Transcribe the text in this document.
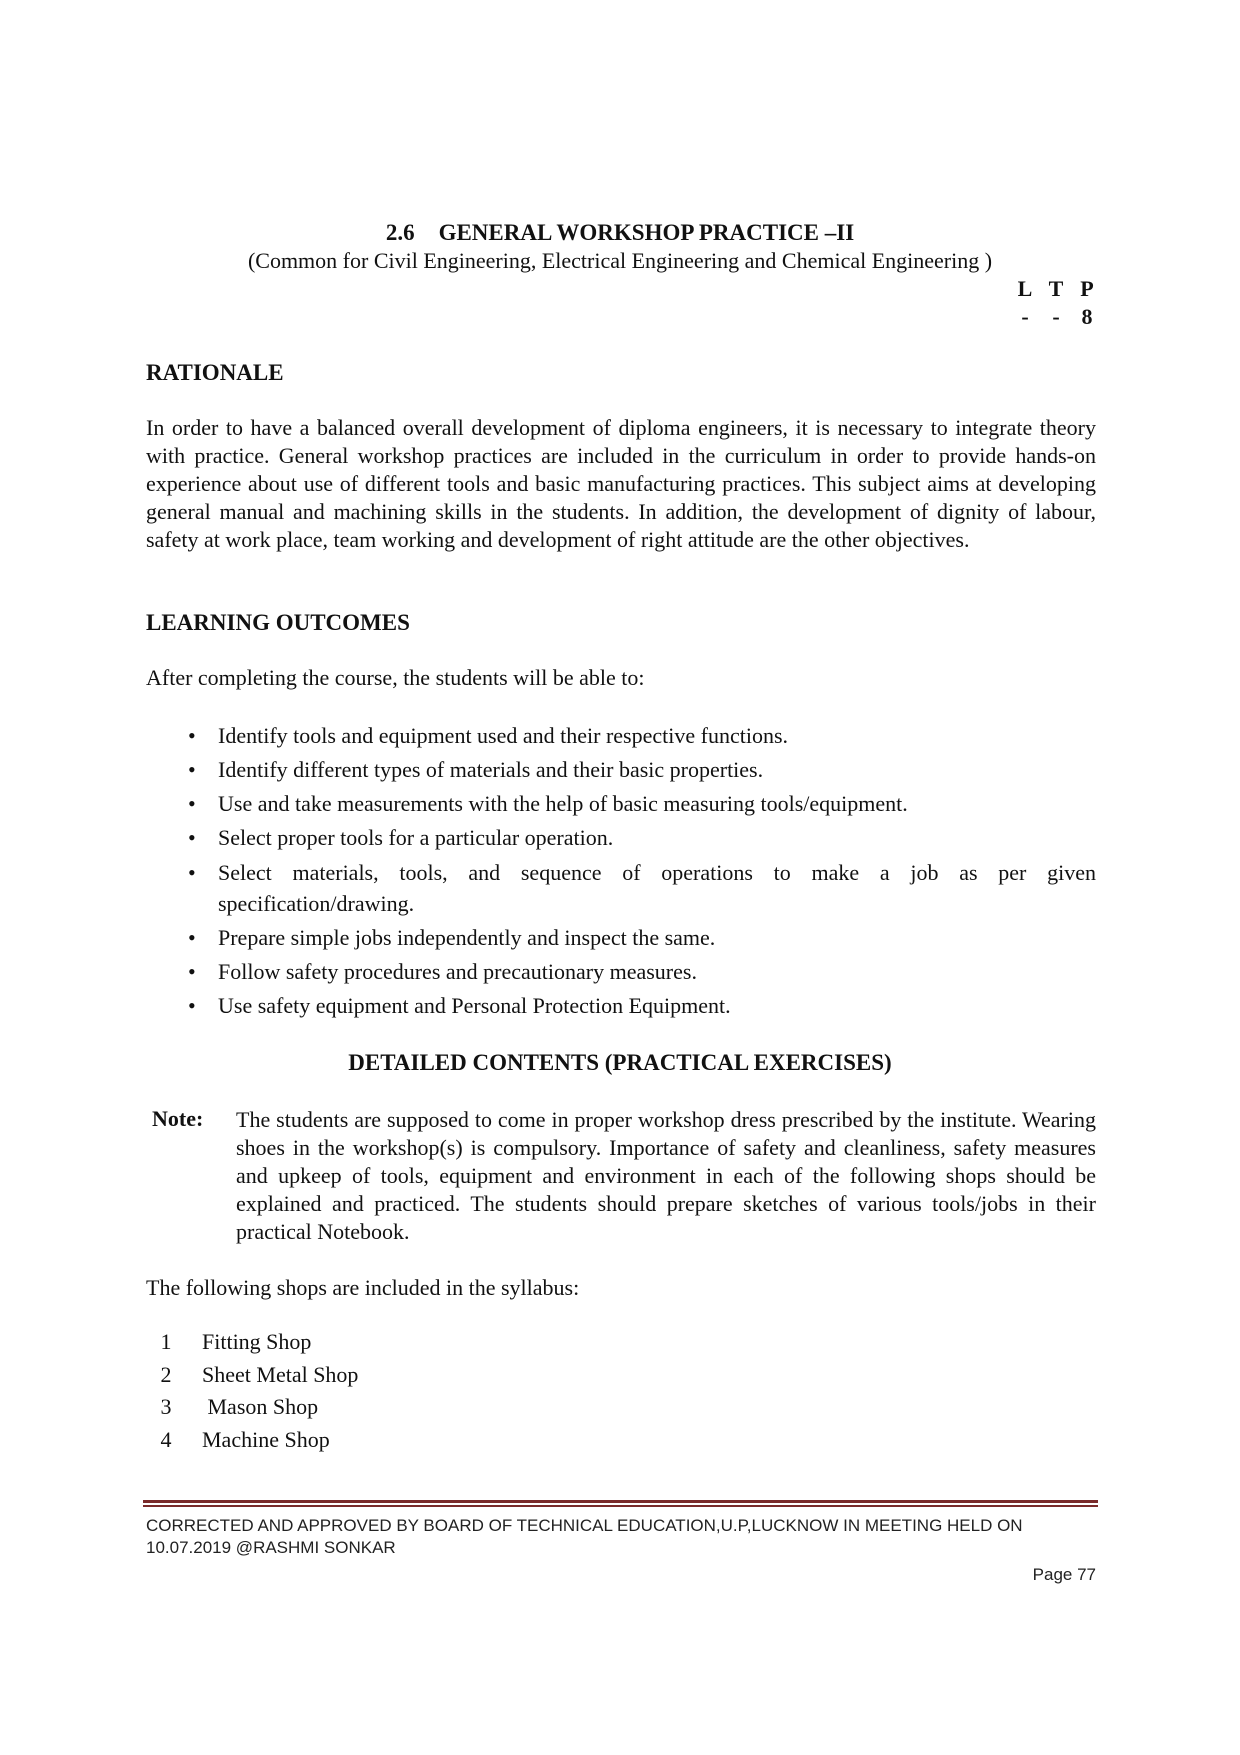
2.6 GENERAL WORKSHOP PRACTICE –II
(Common for Civil Engineering, Electrical Engineering and Chemical Engineering )
L T P
-	- 8
RATIONALE
In order to have a balanced overall development of diploma engineers, it is necessary to integrate theory with practice. General workshop practices are included in the curriculum in order to provide hands-on experience about use of different tools and basic manufacturing practices. This subject aims at developing general manual and machining skills in the students. In addition, the development of dignity of labour, safety at work place, team working and development of right attitude are the other objectives.
LEARNING OUTCOMES
After completing the course, the students will be able to:
• Identify tools and equipment used and their respective functions.
• Identify different types of materials and their basic properties.
• Use and take measurements with the help of basic measuring tools/equipment.
• Select proper tools for a particular operation.
• Select materials, tools, and sequence of operations to make a job as per given specification/drawing.
• Prepare simple jobs independently and inspect the same.
• Follow safety procedures and precautionary measures.
• Use safety equipment and Personal Protection Equipment.
DETAILED CONTENTS (PRACTICAL EXERCISES)
Note: The students are supposed to come in proper workshop dress prescribed by the institute. Wearing shoes in the workshop(s) is compulsory. Importance of safety and cleanliness, safety measures and upkeep of tools, equipment and environment in each of the following shops should be explained and practiced. The students should prepare sketches of various tools/jobs in their practical Notebook.
The following shops are included in the syllabus:
1	Fitting Shop
2	Sheet Metal Shop
3	Mason Shop
4	Machine Shop
CORRECTED AND APPROVED BY BOARD OF TECHNICAL EDUCATION,U.P,LUCKNOW IN MEETING HELD ON
10.07.2019 @RASHMI SONKAR
Page 77
